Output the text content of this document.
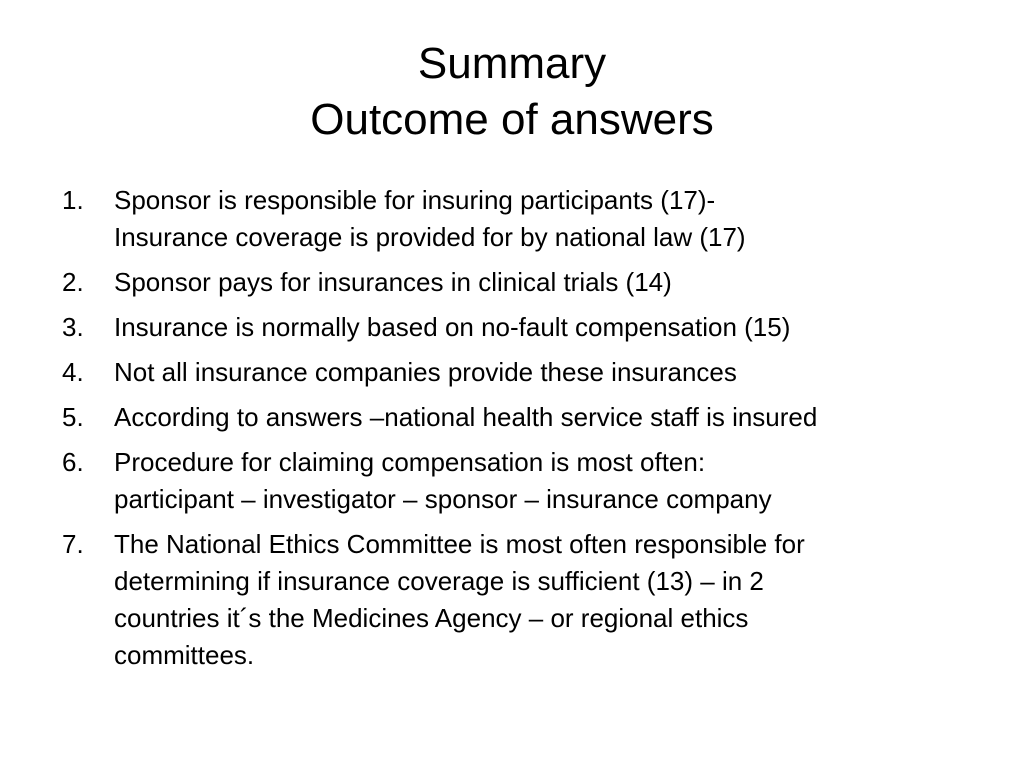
Summary
Outcome of answers
1.	Sponsor is responsible for insuring participants (17)-
Insurance coverage is provided for by national law (17)
2.	Sponsor pays for insurances in clinical trials (14)
3.	Insurance is normally based on no-fault compensation (15)
4.	Not all insurance companies provide these insurances
5.	According to answers –national health service staff is insured
6.	Procedure for claiming compensation is most often:
participant – investigator – sponsor – insurance company
7.	The National Ethics Committee is most often responsible for
determining if insurance coverage is sufficient (13) – in 2
countries it´s the Medicines Agency – or regional ethics
committees.
